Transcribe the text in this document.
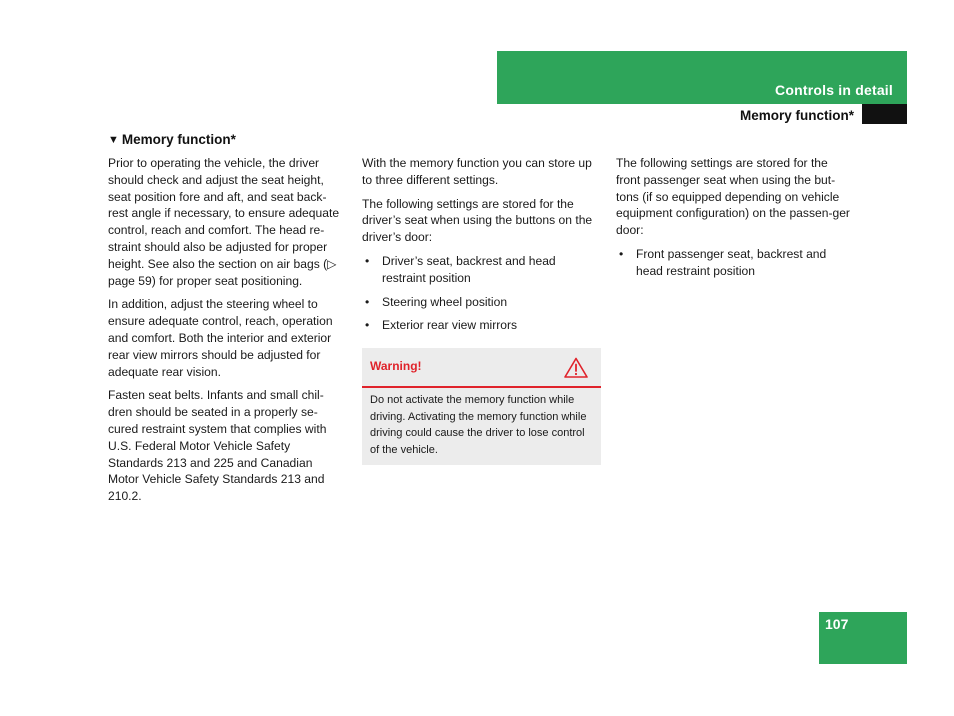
Controls in detail
Memory function*
▼ Memory function*

Prior to operating the vehicle, the driver should check and adjust the seat height, seat position fore and aft, and seat back-rest angle if necessary, to ensure adequate control, reach and comfort. The head re-straint should also be adjusted for proper height. See also the section on air bags (▷ page 59) for proper seat positioning.

In addition, adjust the steering wheel to ensure adequate control, reach, operation and comfort. Both the interior and exterior rear view mirrors should be adjusted for adequate rear vision.

Fasten seat belts. Infants and small chil-dren should be seated in a properly se-cured restraint system that complies with U.S. Federal Motor Vehicle Safety Standards 213 and 225 and Canadian Motor Vehicle Safety Standards 213 and 210.2.

With the memory function you can store up to three different settings.

The following settings are stored for the driver’s seat when using the buttons on the driver’s door:

• Driver’s seat, backrest and head restraint position
• Steering wheel position
• Exterior rear view mirrors
Warning!
Do not activate the memory function while driving. Activating the memory function while driving could cause the driver to lose control of the vehicle.

The following settings are stored for the front passenger seat when using the but-tons (if so equipped depending on vehicle equipment configuration) on the passen-ger door:

• Front passenger seat, backrest and head restraint position
107
